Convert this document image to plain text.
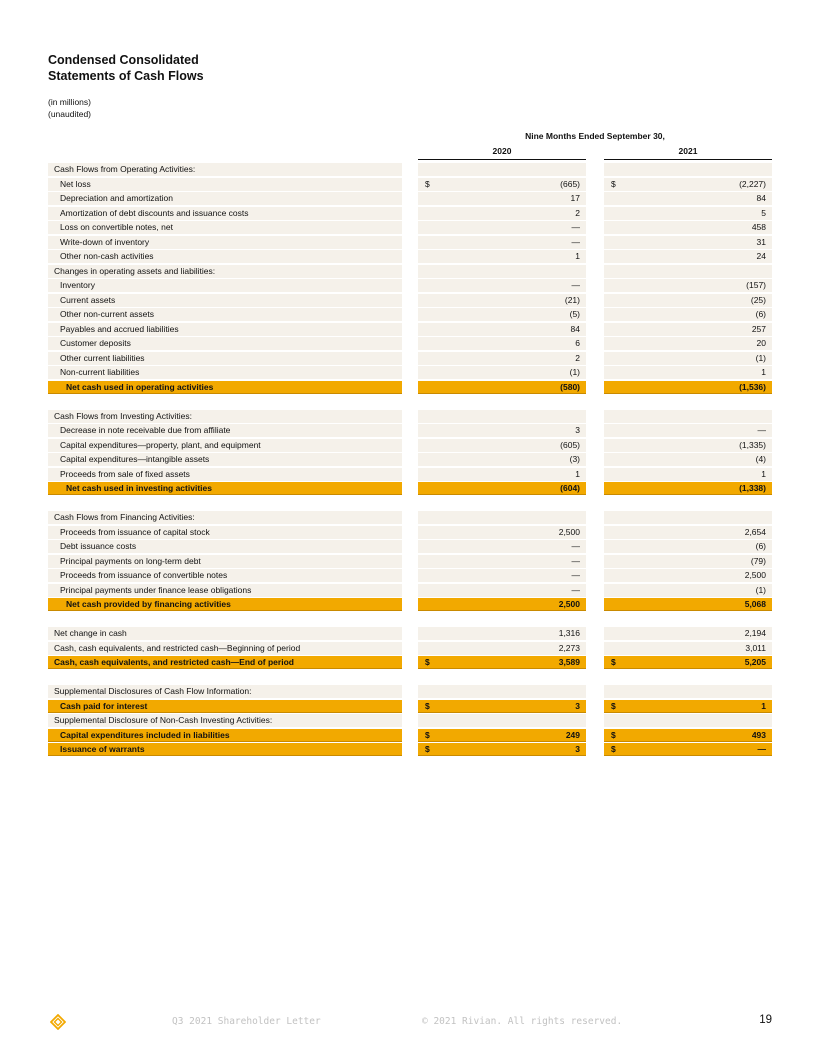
Condensed Consolidated
Statements of Cash Flows
(in millions)
(unaudited)
Nine Months Ended September 30,
2020	2021
Cash Flows from Operating Activities:
Net loss	$	(665)	$	(2,227)
Depreciation and amortization	17	84
Amortization of debt discounts and issuance costs	2	5
Loss on convertible notes, net	—	458
Write-down of inventory	—	31
Other non-cash activities	1	24
Changes in operating assets and liabilities:
Inventory	—	(157)
Current assets	(21)	(25)
Other non-current assets	(5)	(6)
Payables and accrued liabilities	84	257
Customer deposits	6	20
Other current liabilities	2	(1)
Non-current liabilities	(1)	1
Net cash used in operating activities	(580)	(1,536)
Cash Flows from Investing Activities:
Decrease in note receivable due from affiliate	3	—
Capital expenditures—property, plant, and equipment	(605)	(1,335)
Capital expenditures—intangible assets	(3)	(4)
Proceeds from sale of fixed assets	1	1
Net cash used in investing activities	(604)	(1,338)
Cash Flows from Financing Activities:
Proceeds from issuance of capital stock	2,500	2,654
Debt issuance costs	—	(6)
Principal payments on long-term debt	—	(79)
Proceeds from issuance of convertible notes	—	2,500
Principal payments under finance lease obligations	—	(1)
Net cash provided by financing activities	2,500	5,068
Net change in cash	1,316	2,194
Cash, cash equivalents, and restricted cash—Beginning of period	2,273	3,011
Cash, cash equivalents, and restricted cash—End of period	$	3,589	$	5,205
Supplemental Disclosures of Cash Flow Information:
Cash paid for interest	$	3	$	1
Supplemental Disclosure of Non-Cash Investing Activities:
Capital expenditures included in liabilities	$	249	$	493
Issuance of warrants	$	3	$	—
Q3 2021 Shareholder Letter	© 2021 Rivian. All rights reserved.	19
